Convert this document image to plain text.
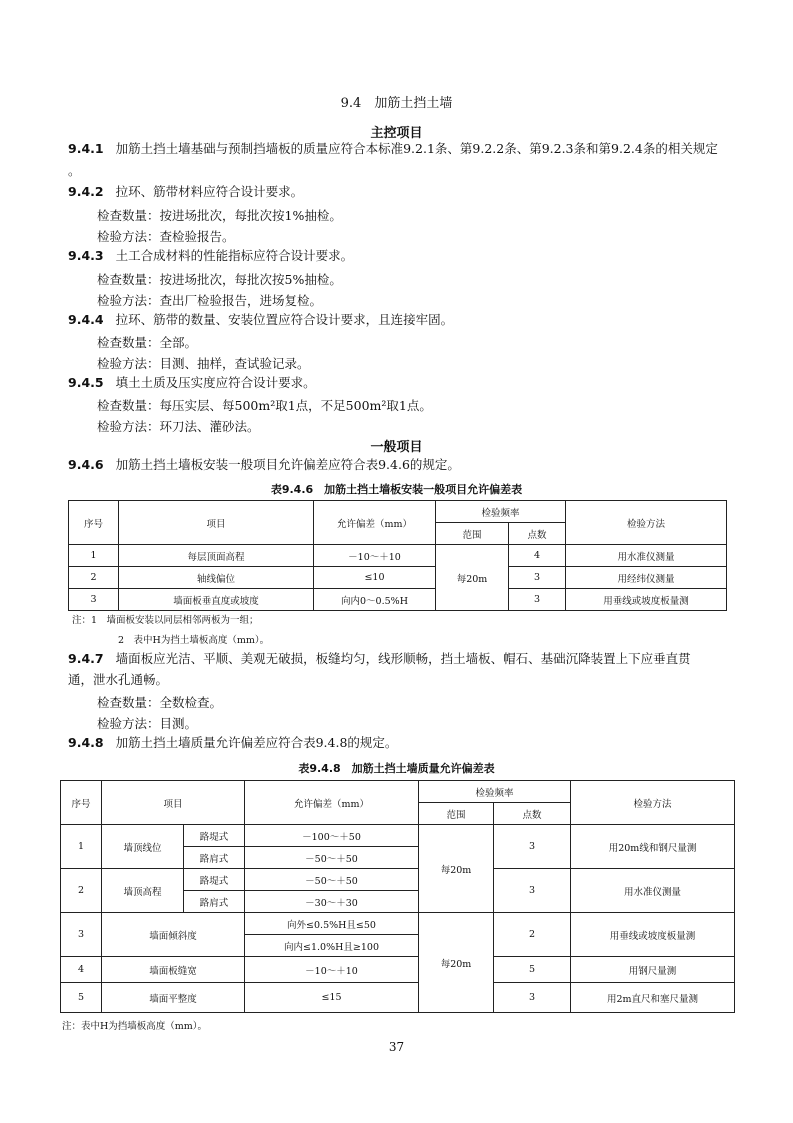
9.4　加筋土挡土墙
主控项目
9.4.1 加筋土挡土墙基础与预制挡墙板的质量应符合本标准9.2.1条、第9.2.2条、第9.2.3条和第9.2.4条的相关规定
。
9.4.2 拉环、筋带材料应符合设计要求。
检查数量：按进场批次，每批次按1%抽检。
检验方法：查检验报告。
9.4.3 土工合成材料的性能指标应符合设计要求。
检查数量：按进场批次，每批次按5%抽检。
检验方法：查出厂检验报告，进场复检。
9.4.4 拉环、筋带的数量、安装位置应符合设计要求，且连接牢固。
检查数量：全部。
检验方法：目测、抽样，查试验记录。
9.4.5 填土土质及压实度应符合设计要求。
检查数量：每压实层、每500m²取1点，不足500m²取1点。
检验方法：环刀法、灌砂法。
一般项目
9.4.6 加筋土挡土墙板安装一般项目允许偏差应符合表9.4.6的规定。
表9.4.6　加筋土挡土墙板安装一般项目允许偏差表
序号	项目	允许偏差（mm）	检验频率		检验方法
			范围	点数	
1	每层顶面高程	－10～＋10	每20m	4	用水准仪测量
2	轴线偏位	≤10		3	用经纬仪测量
3	墙面板垂直度或坡度	向内0～0.5%H		3	用垂线或坡度板量测
注：1　墙面板安装以同层相邻两板为一组；
2　表中H为挡土墙板高度（mm）。
9.4.7 墙面板应光洁、平顺、美观无破损，板缝均匀，线形顺畅，挡土墙板、帽石、基础沉降装置上下应垂直贯
通，泄水孔通畅。
检查数量：全数检查。
检验方法：目测。
9.4.8 加筋土挡土墙质量允许偏差应符合表9.4.8的规定。
表9.4.8　加筋土挡土墙质量允许偏差表
序号	项目		允许偏差（mm）	检验频率		检验方法
				范围	点数	
1	墙顶线位	路堤式	－100～＋50	每20m	3	用20m线和钢尺量测
		路肩式	－50～＋50			
2	墙顶高程	路堤式	－50～＋50		3	用水准仪测量
		路肩式	－30～＋30			
3	墙面倾斜度		向外≤0.5%H且≤50	每20m	2	用垂线或坡度板量测
			向内≤1.0%H且≥100			
4	墙面板缝宽		－10～＋10		5	用钢尺量测
5	墙面平整度		≤15		3	用2m直尺和塞尺量测
注：表中H为挡墙板高度（mm）。
37
